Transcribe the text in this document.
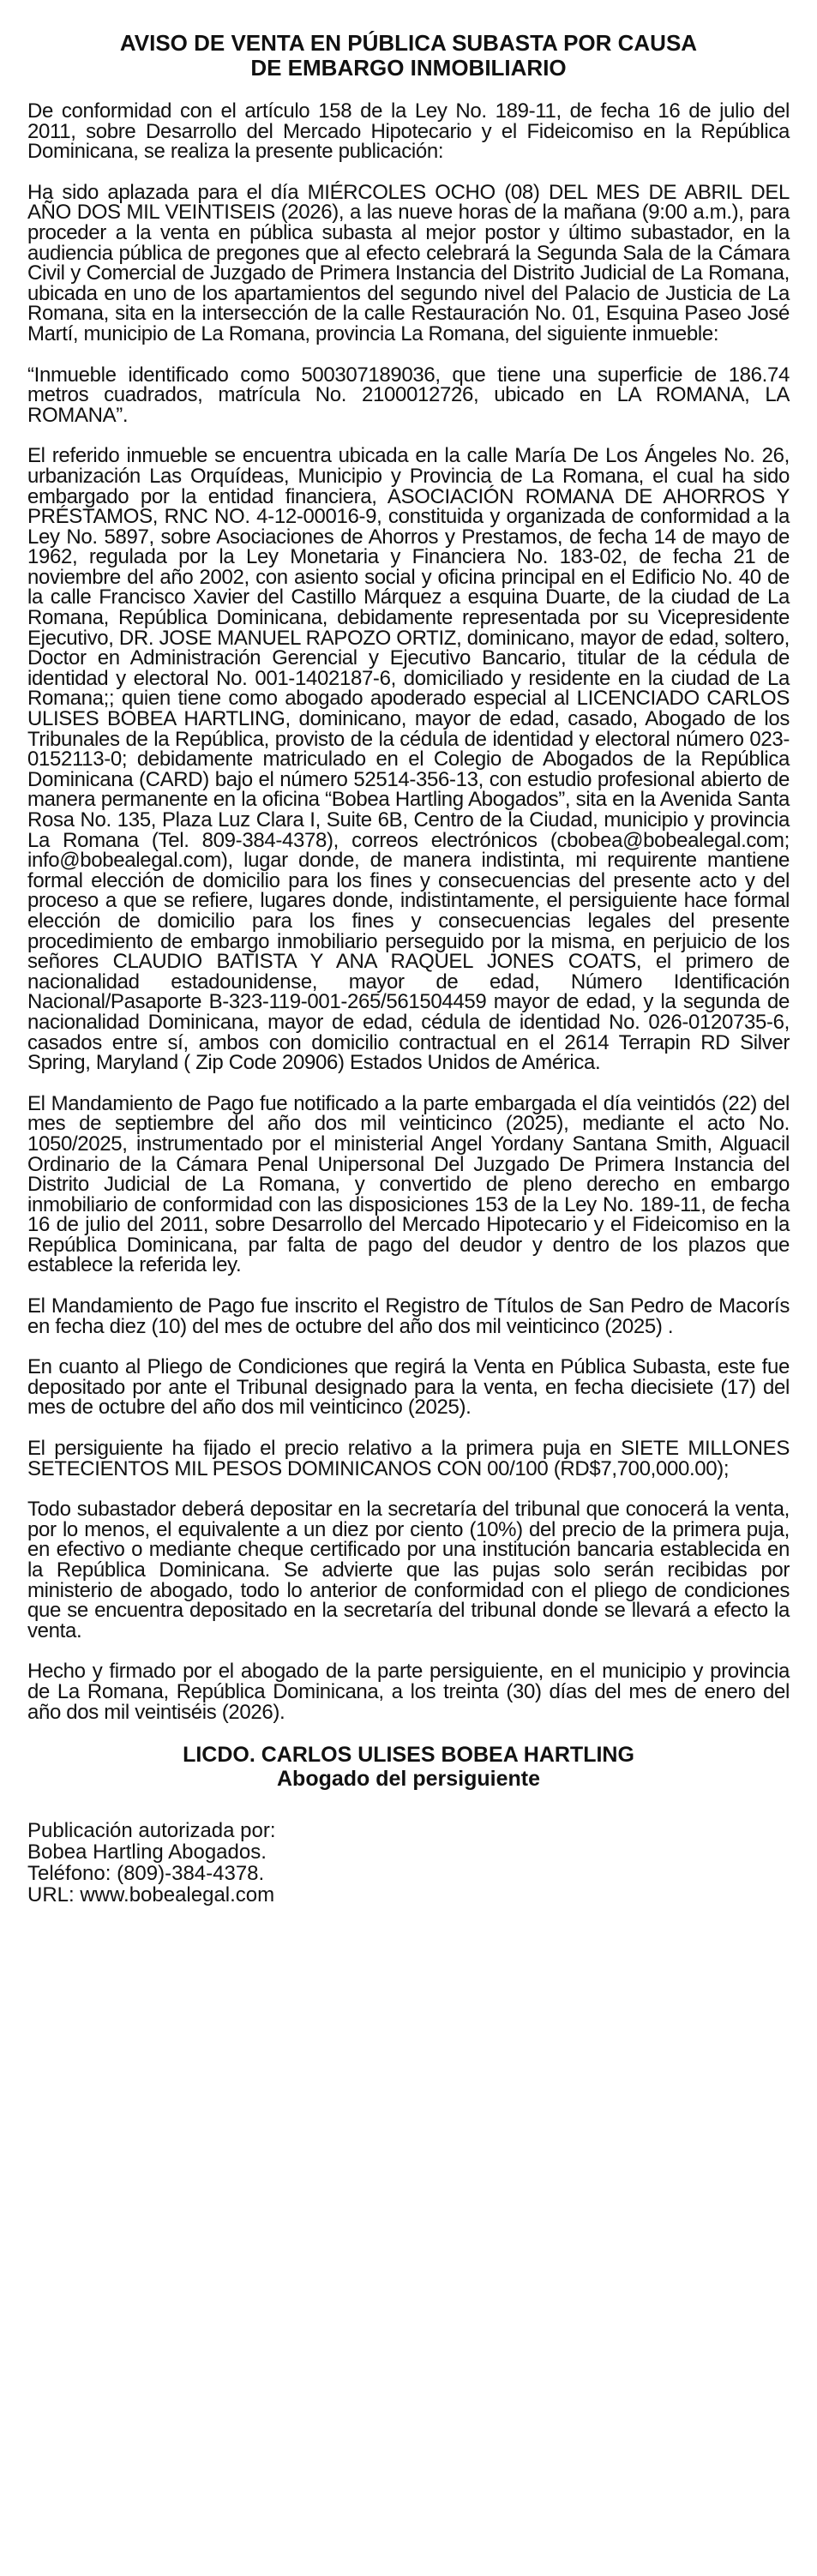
AVISO DE VENTA EN PÚBLICA SUBASTA POR CAUSA
DE EMBARGO INMOBILIARIO

De conformidad con el artículo 158 de la Ley No. 189-11, de fecha 16 de julio del 2011, sobre Desarrollo del Mercado Hipotecario y el Fideicomiso en la República Dominicana, se realiza la presente publicación:

Ha sido aplazada para el día MIÉRCOLES OCHO (08) DEL MES DE ABRIL DEL AÑO DOS MIL VEINTISEIS (2026), a las nueve horas de la mañana (9:00 a.m.), para proceder a la venta en pública subasta al mejor postor y último subastador, en la audiencia pública de pregones que al efecto celebrará la Segunda Sala de la Cámara Civil y Comercial de Juzgado de Primera Instancia del Distrito Judicial de La Romana, ubicada en uno de los apartamientos del segundo nivel del Palacio de Justicia de La Romana, sita en la intersección de la calle Restauración No. 01, Esquina Paseo José Martí, municipio de La Romana, provincia La Romana, del siguiente inmueble:

“Inmueble identificado como 500307189036, que tiene una superficie de 186.74 metros cuadrados, matrícula No. 2100012726, ubicado en LA ROMANA, LA ROMANA”.

El referido inmueble se encuentra ubicada en la calle María De Los Ángeles No. 26, urbanización Las Orquídeas, Municipio y Provincia de La Romana, el cual ha sido embargado por la entidad financiera, ASOCIACIÓN ROMANA DE AHORROS Y PRÉSTAMOS, RNC NO. 4-12-00016-9, constituida y organizada de conformidad a la Ley No. 5897, sobre Asociaciones de Ahorros y Prestamos, de fecha 14 de mayo de 1962, regulada por la Ley Monetaria y Financiera No. 183-02, de fecha 21 de noviembre del año 2002, con asiento social y oficina principal en el Edificio No. 40 de la calle Francisco Xavier del Castillo Márquez a esquina Duarte, de la ciudad de La Romana, República Dominicana, debidamente representada por su Vicepresidente Ejecutivo, DR. JOSE MANUEL RAPOZO ORTIZ, dominicano, mayor de edad, soltero, Doctor en Administración Gerencial y Ejecutivo Bancario, titular de la cédula de identidad y electoral No. 001-1402187-6, domiciliado y residente en la ciudad de La Romana;; quien tiene como abogado apoderado especial al LICENCIADO CARLOS ULISES BOBEA HARTLING, dominicano, mayor de edad, casado, Abogado de los Tribunales de la República, provisto de la cédula de identidad y electoral número 023-0152113-0; debidamente matriculado en el Colegio de Abogados de la República Dominicana (CARD) bajo el número 52514-356-13, con estudio profesional abierto de manera permanente en la oficina “Bobea Hartling Abogados”, sita en la Avenida Santa Rosa No. 135, Plaza Luz Clara I, Suite 6B, Centro de la Ciudad, municipio y provincia La Romana (Tel. 809-384-4378), correos electrónicos (cbobea@bobealegal.com; info@bobealegal.com), lugar donde, de manera indistinta, mi requirente mantiene formal elección de domicilio para los fines y consecuencias del presente acto y del proceso a que se refiere, lugares donde, indistintamente, el persiguiente hace formal elección de domicilio para los fines y consecuencias legales del presente procedimiento de embargo inmobiliario perseguido por la misma, en perjuicio de los señores CLAUDIO BATISTA Y ANA RAQUEL JONES COATS, el primero de nacionalidad estadounidense, mayor de edad, Número Identificación Nacional/Pasaporte B-323-119-001-265/561504459 mayor de edad, y la segunda de nacionalidad Dominicana, mayor de edad, cédula de identidad No. 026-0120735-6, casados entre sí, ambos con domicilio contractual en el 2614 Terrapin RD Silver Spring, Maryland ( Zip Code 20906) Estados Unidos de América.

El Mandamiento de Pago fue notificado a la parte embargada el día veintidós (22) del mes de septiembre del año dos mil veinticinco (2025), mediante el acto No. 1050/2025, instrumentado por el ministerial Angel Yordany Santana Smith, Alguacil Ordinario de la Cámara Penal Unipersonal Del Juzgado De Primera Instancia del Distrito Judicial de La Romana, y convertido de pleno derecho en embargo inmobiliario de conformidad con las disposiciones 153 de la Ley No. 189-11, de fecha 16 de julio del 2011, sobre Desarrollo del Mercado Hipotecario y el Fideicomiso en la República Dominicana, par falta de pago del deudor y dentro de los plazos que establece la referida ley.

El Mandamiento de Pago fue inscrito el Registro de Títulos de San Pedro de Macorís en fecha diez (10) del mes de octubre del año dos mil veinticinco (2025) .

En cuanto al Pliego de Condiciones que regirá la Venta en Pública Subasta, este fue depositado por ante el Tribunal designado para la venta, en fecha diecisiete (17) del mes de octubre del año dos mil veinticinco (2025).

El persiguiente ha fijado el precio relativo a la primera puja en SIETE MILLONES SETECIENTOS MIL PESOS DOMINICANOS CON 00/100 (RD$7,700,000.00);

Todo subastador deberá depositar en la secretaría del tribunal que conocerá la venta, por lo menos, el equivalente a un diez por ciento (10%) del precio de la primera puja, en efectivo o mediante cheque certificado por una institución bancaria establecida en la República Dominicana. Se advierte que las pujas solo serán recibidas por ministerio de abogado, todo lo anterior de conformidad con el pliego de condiciones que se encuentra depositado en la secretaría del tribunal donde se llevará a efecto la venta.

Hecho y firmado por el abogado de la parte persiguiente, en el municipio y provincia de La Romana, República Dominicana, a los treinta (30) días del mes de enero del año dos mil veintiséis (2026).

LICDO. CARLOS ULISES BOBEA HARTLING
Abogado del persiguiente
Publicación autorizada por:
Bobea Hartling Abogados.
Teléfono: (809)-384-4378.
URL: www.bobealegal.com
